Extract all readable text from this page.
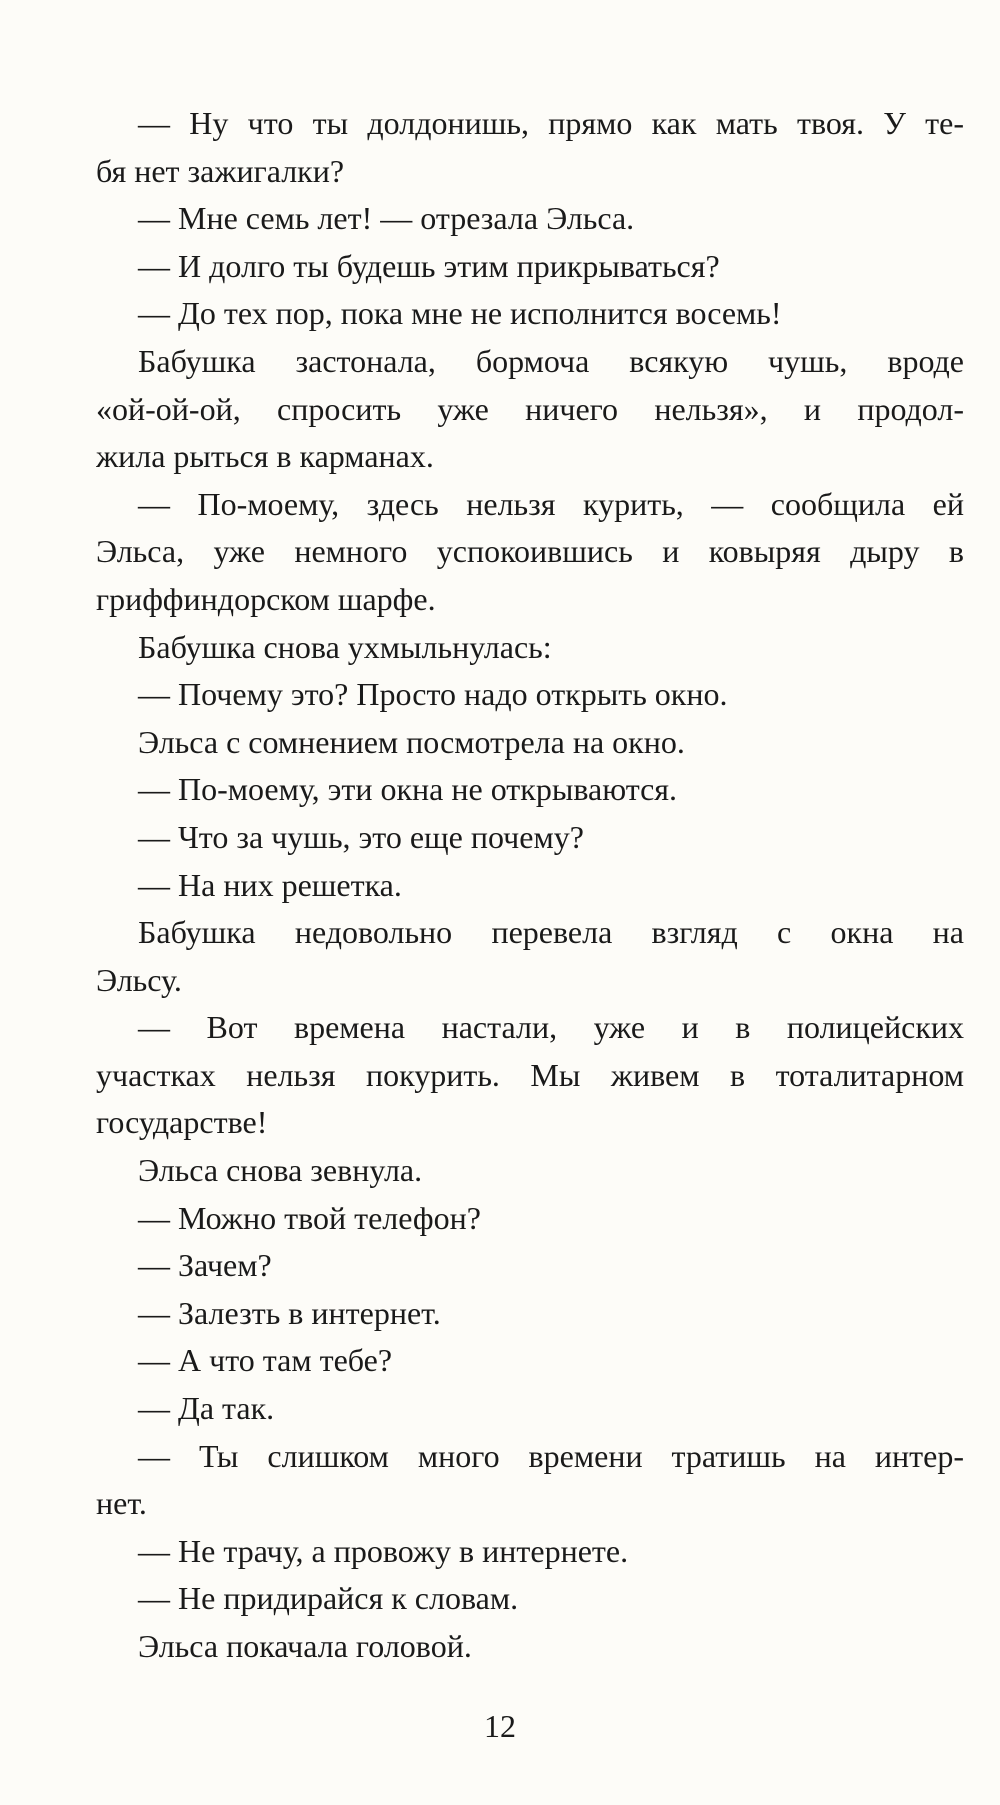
— Ну что ты долдонишь, прямо как мать твоя. У те-
бя нет зажигалки?
— Мне семь лет! — отрезала Эльса.
— И долго ты будешь этим прикрываться?
— До тех пор, пока мне не исполнится восемь!
Бабушка застонала, бормоча всякую чушь, вроде
«ой-ой-ой, спросить уже ничего нельзя», и продол-
жила рыться в карманах.
— По-моему, здесь нельзя курить, — сообщила ей
Эльса, уже немного успокоившись и ковыряя дыру в
гриффиндорском шарфе.
Бабушка снова ухмыльнулась:
— Почему это? Просто надо открыть окно.
Эльса с сомнением посмотрела на окно.
— По-моему, эти окна не открываются.
— Что за чушь, это еще почему?
— На них решетка.
Бабушка недовольно перевела взгляд с окна на
Эльсу.
— Вот времена настали, уже и в полицейских
участках нельзя покурить. Мы живем в тоталитарном
государстве!
Эльса снова зевнула.
— Можно твой телефон?
— Зачем?
— Залезть в интернет.
— А что там тебе?
— Да так.
— Ты слишком много времени тратишь на интер-
нет.
— Не трачу, а провожу в интернете.
— Не придирайся к словам.
Эльса покачала головой.
12
